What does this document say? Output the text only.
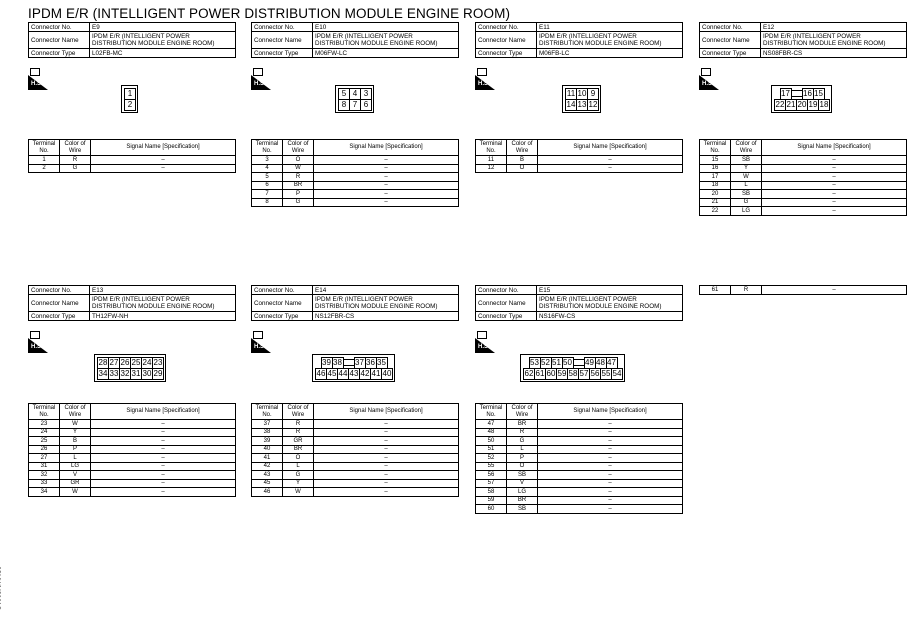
IPDM E/R (INTELLIGENT POWER DISTRIBUTION MODULE ENGINE ROOM)
Connector No.	E9
Connector Name	IPDM E/R (INTELLIGENT POWER DISTRIBUTION MODULE ENGINE ROOM)
Connector Type	L02FB-MC
H.S.
Terminal No.	Color of Wire	Signal Name [Specification]
1	R	–
2	G	–
Connector No.	E10
Connector Name	IPDM E/R (INTELLIGENT POWER DISTRIBUTION MODULE ENGINE ROOM)
Connector Type	M06FW-LC
H.S.
Terminal No.	Color of Wire	Signal Name [Specification]
3	O	–
4	W	–
5	R	–
6	BR	–
7	P	–
8	G	–
Connector No.	E11
Connector Name	IPDM E/R (INTELLIGENT POWER DISTRIBUTION MODULE ENGINE ROOM)
Connector Type	M06FB-LC
H.S.
Terminal No.	Color of Wire	Signal Name [Specification]
11	B	–
12	O	–
Connector No.	E12
Connector Name	IPDM E/R (INTELLIGENT POWER DISTRIBUTION MODULE ENGINE ROOM)
Connector Type	NS08FBR-CS
H.S.
Terminal No.	Color of Wire	Signal Name [Specification]
15	SB	–
16	Y	–
17	W	–
18	L	–
20	SB	–
21	G	–
22	LG	–
Connector No.	E13
Connector Name	IPDM E/R (INTELLIGENT POWER DISTRIBUTION MODULE ENGINE ROOM)
Connector Type	TH12FW-NH
H.S.
Terminal No.	Color of Wire	Signal Name [Specification]
23	W	–
24	Y	–
25	B	–
26	P	–
27	L	–
31	LG	–
32	V	–
33	GR	–
34	W	–
Connector No.	E14
Connector Name	IPDM E/R (INTELLIGENT POWER DISTRIBUTION MODULE ENGINE ROOM)
Connector Type	NS12FBR-CS
H.S.
Terminal No.	Color of Wire	Signal Name [Specification]
37	R	–
38	R	–
39	GR	–
40	BR	–
41	O	–
42	L	–
43	G	–
45	Y	–
46	W	–
Connector No.	E15
Connector Name	IPDM E/R (INTELLIGENT POWER DISTRIBUTION MODULE ENGINE ROOM)
Connector Type	NS16FW-CS
H.S.
Terminal No.	Color of Wire	Signal Name [Specification]
47	BR	–
48	R	–
50	G	–
51	L	–
52	P	–
55	O	–
56	SB	–
57	V	–
58	LG	–
59	BR	–
60	SB	–
1
2
5 4 3
8 7 6
11 10 9
14 13 12
17 16 15
22 21 20 19 18
28 27 26 25 24 23
34 33 32 31 30 29
39 38 37 36 35
46 45 44 43 42 41 40
53 52 51 50 49 48 47
62 61 60 59 58 57 56 55 54
61	R	–
